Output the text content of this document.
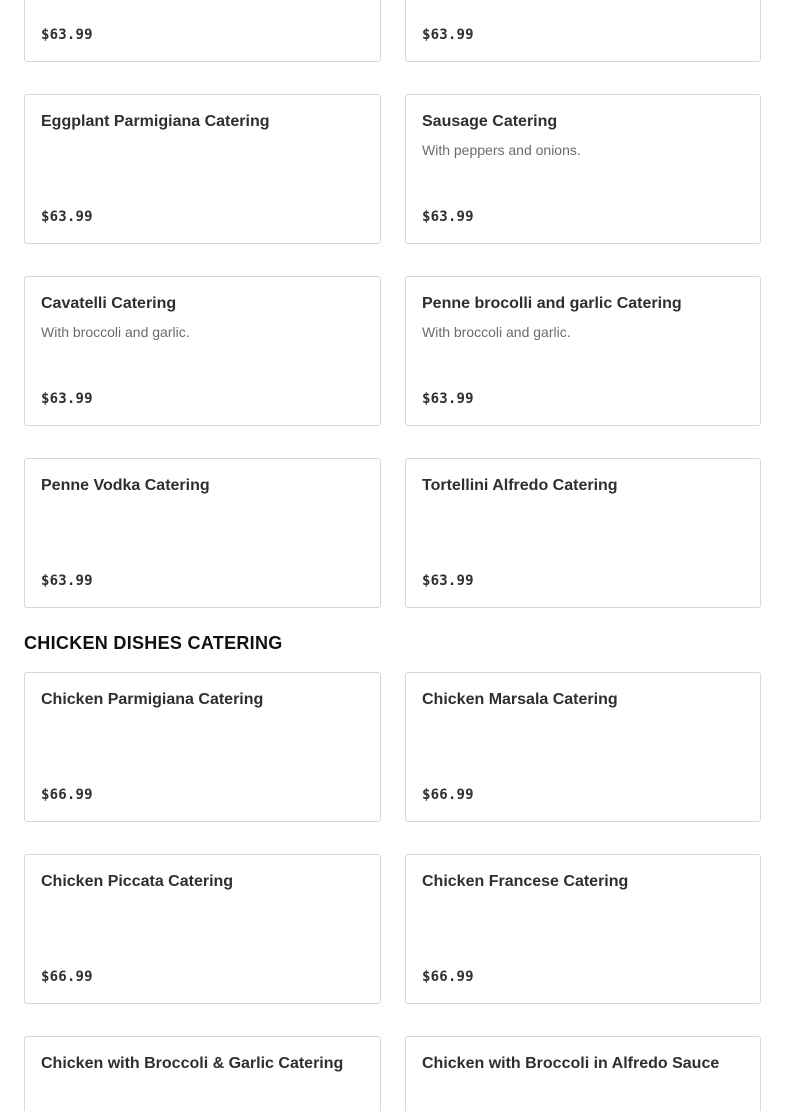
$63.99	$63.99
Eggplant Parmigiana Catering
$63.99
Sausage Catering
With peppers and onions.
$63.99
Cavatelli Catering
With broccoli and garlic.
$63.99
Penne brocolli and garlic Catering
With broccoli and garlic.
$63.99
Penne Vodka Catering
$63.99
Tortellini Alfredo Catering
$63.99
CHICKEN DISHES CATERING
Chicken Parmigiana Catering
$66.99
Chicken Marsala Catering
$66.99
Chicken Piccata Catering
$66.99
Chicken Francese Catering
$66.99
Chicken with Broccoli & Garlic Catering	Chicken with Broccoli in Alfredo Sauce
